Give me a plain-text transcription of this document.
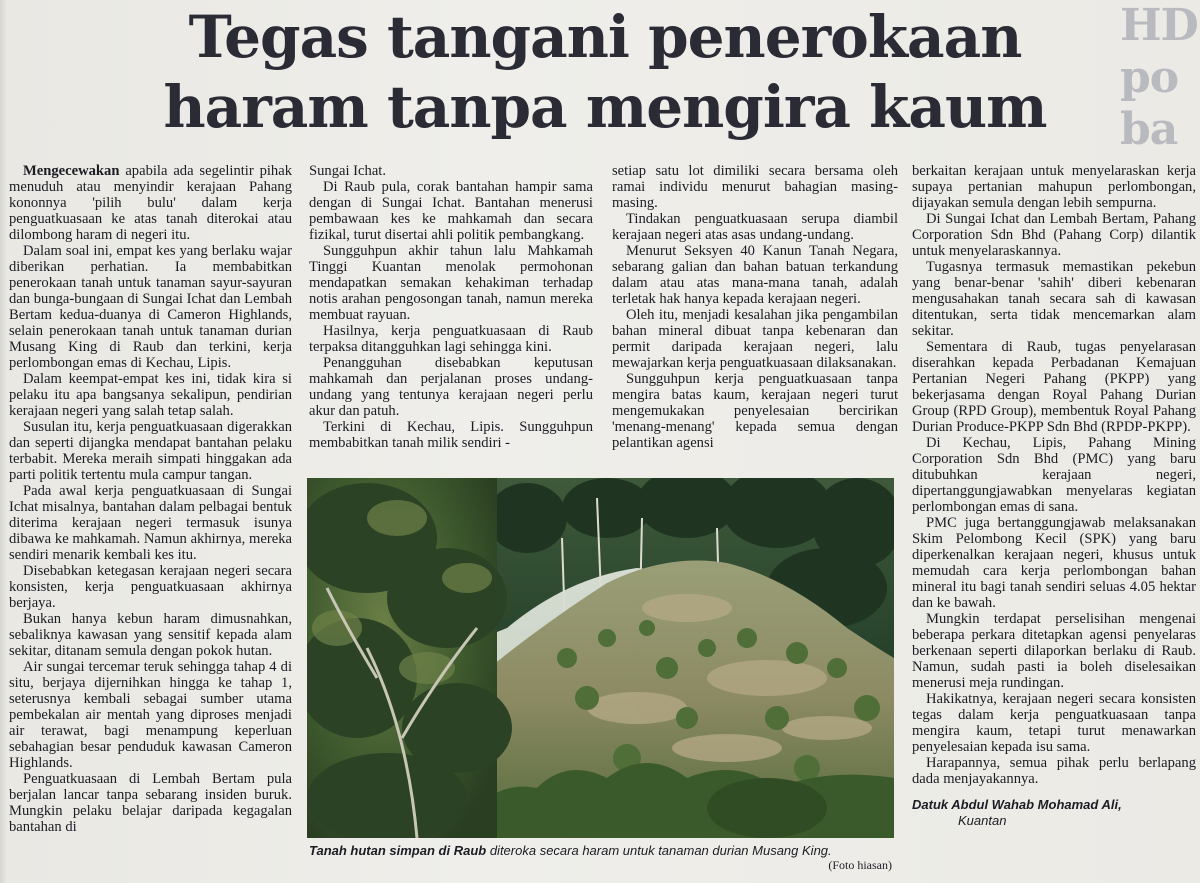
HD
po
ba
Tegas tangani penerokaan haram tanpa mengira kaum

Mengecewakan apabila ada segelintir pihak menuduh atau menyindir kerajaan Pahang kononnya 'pilih bulu' dalam kerja penguatkuasaan ke atas tanah diterokai atau dilombong haram di negeri itu.

Dalam soal ini, empat kes yang berlaku wajar diberikan perhatian. Ia membabitkan penerokaan tanah untuk tanaman sayur-sayuran dan bunga-bungaan di Sungai Ichat dan Lembah Bertam kedua-duanya di Cameron Highlands, selain penerokaan tanah untuk tanaman durian Musang King di Raub dan terkini, kerja perlombongan emas di Kechau, Lipis.

Dalam keempat-empat kes ini, tidak kira si pelaku itu apa bangsanya sekalipun, pendirian kerajaan negeri yang salah tetap salah.

Susulan itu, kerja penguatkuasaan digerakkan dan seperti dijangka mendapat bantahan pelaku terbabit. Mereka meraih simpati hinggakan ada parti politik tertentu mula campur tangan.

Pada awal kerja penguatkuasaan di Sungai Ichat misalnya, bantahan dalam pelbagai bentuk diterima kerajaan negeri termasuk isunya dibawa ke mahkamah. Namun akhirnya, mereka sendiri menarik kembali kes itu.

Disebabkan ketegasan kerajaan negeri secara konsisten, kerja penguatkuasaan akhirnya berjaya.

Bukan hanya kebun haram dimusnahkan, sebaliknya kawasan yang sensitif kepada alam sekitar, ditanam semula dengan pokok hutan.

Air sungai tercemar teruk sehingga tahap 4 di situ, berjaya dijernihkan hingga ke tahap 1, seterusnya kembali sebagai sumber utama pembekalan air mentah yang diproses menjadi air terawat, bagi menampung keperluan sebahagian besar penduduk kawasan Cameron Highlands.

Penguatkuasaan di Lembah Bertam pula berjalan lancar tanpa sebarang insiden buruk. Mungkin pelaku belajar daripada kegagalan bantahan di

Sungai Ichat.

Di Raub pula, corak bantahan hampir sama dengan di Sungai Ichat. Bantahan menerusi pembawaan kes ke mahkamah dan secara fizikal, turut disertai ahli politik pembangkang.

Sungguhpun akhir tahun lalu Mahkamah Tinggi Kuantan menolak permohonan mendapatkan semakan kehakiman terhadap notis arahan pengosongan tanah, namun mereka membuat rayuan.

Hasilnya, kerja penguatkuasaan di Raub terpaksa ditangguhkan lagi sehingga kini.

Penangguhan disebabkan keputusan mahkamah dan perjalanan proses undang-undang yang tentunya kerajaan negeri perlu akur dan patuh.

Terkini di Kechau, Lipis. Sungguhpun membabitkan tanah milik sendiri -

setiap satu lot dimiliki secara bersama oleh ramai individu menurut bahagian masing-masing.

Tindakan penguatkuasaan serupa diambil kerajaan negeri atas asas undang-undang.

Menurut Seksyen 40 Kanun Tanah Negara, sebarang galian dan bahan batuan terkandung dalam atau atas mana-mana tanah, adalah terletak hak hanya kepada kerajaan negeri.

Oleh itu, menjadi kesalahan jika pengambilan bahan mineral dibuat tanpa kebenaran dan permit daripada kerajaan negeri, lalu mewajarkan kerja penguatkuasaan dilaksanakan.

Sungguhpun kerja penguatkuasaan tanpa mengira batas kaum, kerajaan negeri turut mengemukakan penyelesaian bercirikan 'menang-menang' kepada semua dengan pelantikan agensi

berkaitan kerajaan untuk menyelaraskan kerja supaya pertanian mahupun perlombongan, dijayakan semula dengan lebih sempurna.

Di Sungai Ichat dan Lembah Bertam, Pahang Corporation Sdn Bhd (Pahang Corp) dilantik untuk menyelaraskannya.

Tugasnya termasuk memastikan pekebun yang benar-benar 'sahih' diberi kebenaran mengusahakan tanah secara sah di kawasan ditentukan, serta tidak mencemarkan alam sekitar.

Sementara di Raub, tugas penyelarasan diserahkan kepada Perbadanan Kemajuan Pertanian Negeri Pahang (PKPP) yang bekerjasama dengan Royal Pahang Durian Group (RPD Group), membentuk Royal Pahang Durian Produce-PKPP Sdn Bhd (RPDP-PKPP).

Di Kechau, Lipis, Pahang Mining Corporation Sdn Bhd (PMC) yang baru ditubuhkan kerajaan negeri, dipertanggungjawabkan menyelaras kegiatan perlombongan emas di sana.

PMC juga bertanggungjawab melaksanakan Skim Pelombong Kecil (SPK) yang baru diperkenalkan kerajaan negeri, khusus untuk memudah cara kerja perlombongan bahan mineral itu bagi tanah sendiri seluas 4.05 hektar dan ke bawah.

Mungkin terdapat perselisihan mengenai beberapa perkara ditetapkan agensi penyelaras berkenaan seperti dilaporkan berlaku di Raub. Namun, sudah pasti ia boleh diselesaikan menerusi meja rundingan.

Hakikatnya, kerajaan negeri secara konsisten tegas dalam kerja penguatkuasaan tanpa mengira kaum, tetapi turut menawarkan penyelesaian kepada isu sama.

Harapannya, semua pihak perlu berlapang dada menjayakannya.

Datuk Abdul Wahab Mohamad Ali,

Kuantan

Tanah hutan simpan di Raub diteroka secara haram untuk tanaman durian Musang King.
(Foto hiasan)
